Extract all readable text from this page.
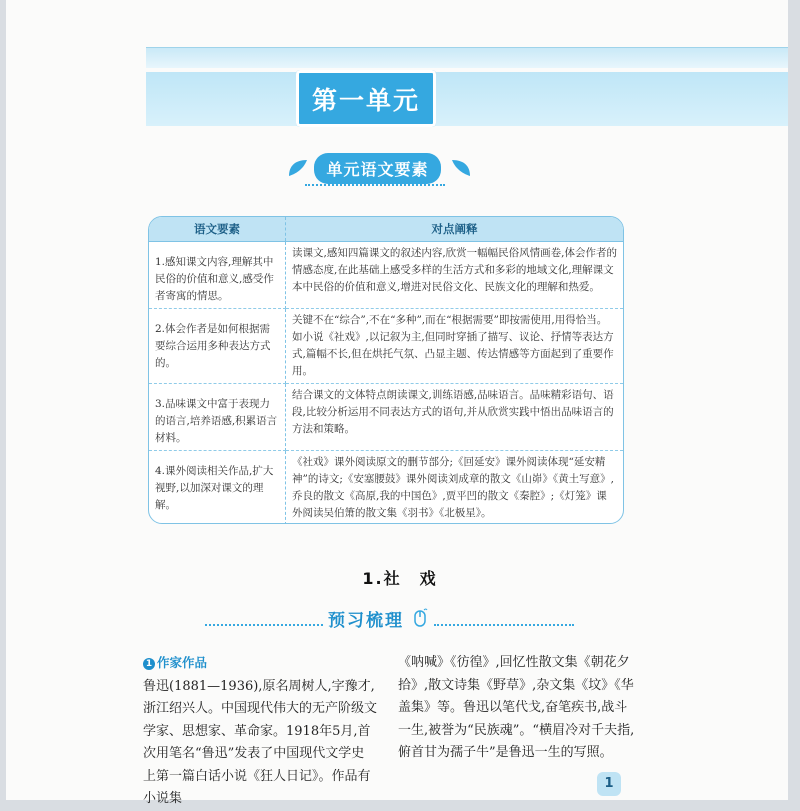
第一单元
单元语文要素
语文要素	对点阐释
1.感知课文内容,理解其中民俗的价值和意义,感受作者寄寓的情思。	读课文,感知四篇课文的叙述内容,欣赏一幅幅民俗风情画卷,体会作者的情感态度,在此基础上感受多样的生活方式和多彩的地域文化,理解课文本中民俗的价值和意义,增进对民俗文化、民族文化的理解和热爱。
2.体会作者是如何根据需要综合运用多种表达方式的。	关键不在“综合”,不在“多种”,而在“根据需要”即按需使用,用得恰当。如小说《社戏》,以记叙为主,但同时穿插了描写、议论、抒情等表达方式,篇幅不长,但在烘托气氛、凸显主题、传达情感等方面起到了重要作用。
3.品味课文中富于表现力的语言,培养语感,积累语言材料。	结合课文的文体特点朗读课文,训练语感,品味语言。品味精彩语句、语段,比较分析运用不同表达方式的语句,并从欣赏实践中悟出品味语言的方法和策略。
4.课外阅读相关作品,扩大视野,以加深对课文的理解。	《社戏》课外阅读原文的删节部分;《回延安》课外阅读体现“延安精神”的诗文;《安塞腰鼓》课外阅读刘成章的散文《山峁》《黄土写意》,乔良的散文《高原,我的中国色》,贾平凹的散文《秦腔》;《灯笼》课外阅读吴伯箫的散文集《羽书》《北极星》。
1.社　戏
预习梳理
1 作家作品
鲁迅(1881—1936),原名周树人,字豫才,浙江绍兴人。中国现代伟大的无产阶级文学家、思想家、革命家。1918年5月,首次用笔名“鲁迅”发表了中国现代文学史上第一篇白话小说《狂人日记》。作品有小说集
《呐喊》《彷徨》,回忆性散文集《朝花夕拾》,散文诗集《野草》,杂文集《坟》《华盖集》等。鲁迅以笔代戈,奋笔疾书,战斗一生,被誉为“民族魂”。“横眉冷对千夫指,俯首甘为孺子牛”是鲁迅一生的写照。
1
